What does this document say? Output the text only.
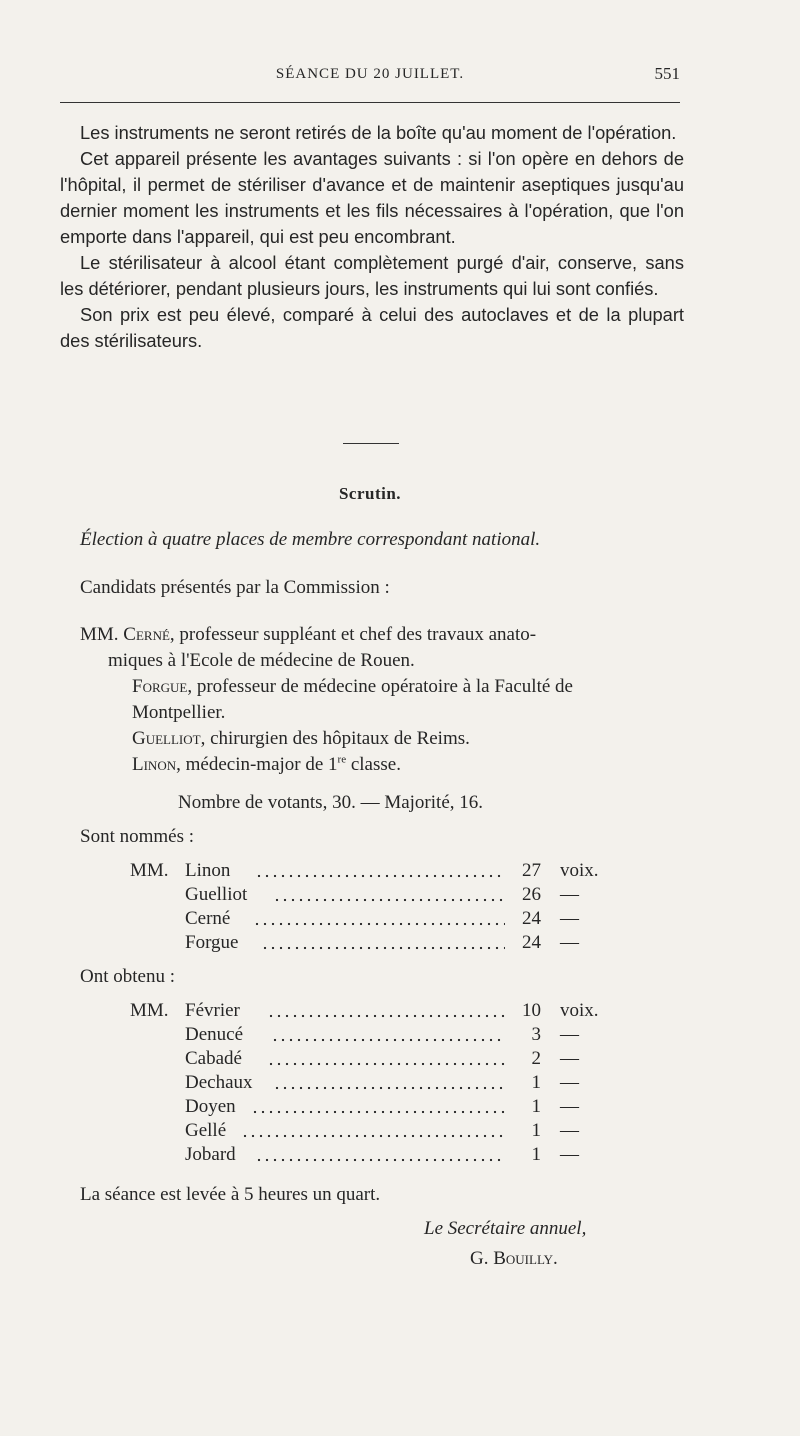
SÉANCE DU 20 JUILLET.	551

Les instruments ne seront retirés de la boîte qu'au moment de l'opération.

Cet appareil présente les avantages suivants : si l'on opère en dehors de l'hôpital, il permet de stériliser d'avance et de maintenir aseptiques jusqu'au dernier moment les instruments et les fils nécessaires à l'opération, que l'on emporte dans l'appareil, qui est peu encombrant.

Le stérilisateur à alcool étant complètement purgé d'air, conserve, sans les détériorer, pendant plusieurs jours, les instruments qui lui sont confiés.

Son prix est peu élevé, comparé à celui des autoclaves et de la plupart des stérilisateurs.

Scrutin.
Élection à quatre places de membre correspondant national.
Candidats présentés par la Commission :
MM. Cerné, professeur suppléant et chef des travaux anato-
miques à l'Ecole de médecine de Rouen.
Forgue, professeur de médecine opératoire à la Faculté de
Montpellier.
Guelliot, chirurgien des hôpitaux de Reims.
Linon, médecin-major de 1re classe.
Nombre de votants, 30. — Majorité, 16.
Sont nommés :
MM. Linon	27 voix.
Guelliot	26 —
Cerné	24 —
Forgue	24 —
Ont obtenu :
MM. Février	10 voix.
Denucé	3 —
Cabadé	2 —
Dechaux	1 —
Doyen	1 —
Gellé	1 —
Jobard	1 —
La séance est levée à 5 heures un quart.
Le Secrétaire annuel,
G. Bouilly.
